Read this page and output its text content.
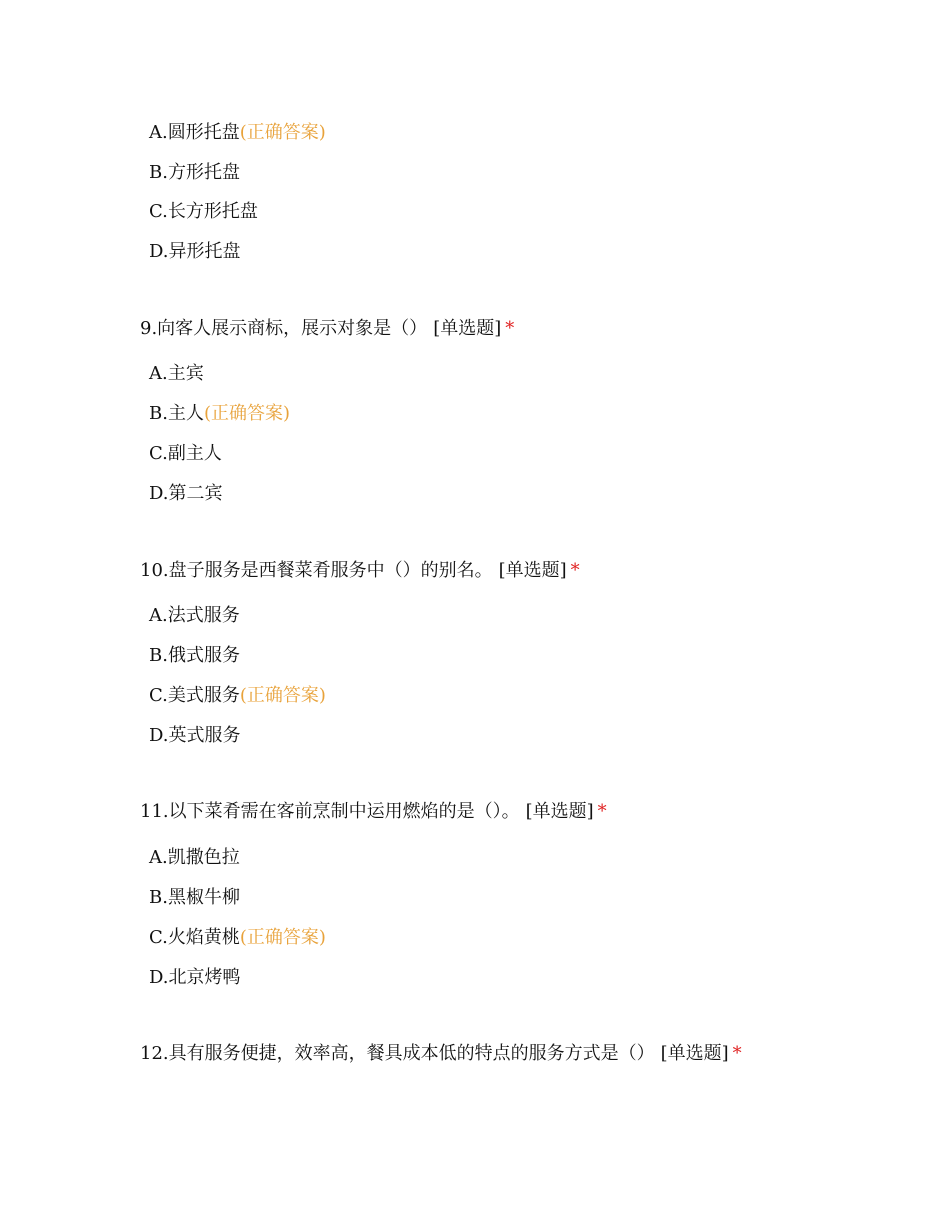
A.圆形托盘(正确答案)
B.方形托盘
C.长方形托盘
D.异形托盘
9.向客人展示商标，展示对象是（） [单选题] *
A.主宾
B.主人(正确答案)
C.副主人
D.第二宾
10.盘子服务是西餐菜肴服务中（）的别名。 [单选题] *
A.法式服务
B.俄式服务
C.美式服务(正确答案)
D.英式服务
11.以下菜肴需在客前烹制中运用燃焰的是（）。 [单选题] *
A.凯撒色拉
B.黑椒牛柳
C.火焰黄桃(正确答案)
D.北京烤鸭
12.具有服务便捷，效率高，餐具成本低的特点的服务方式是（） [单选题] *
